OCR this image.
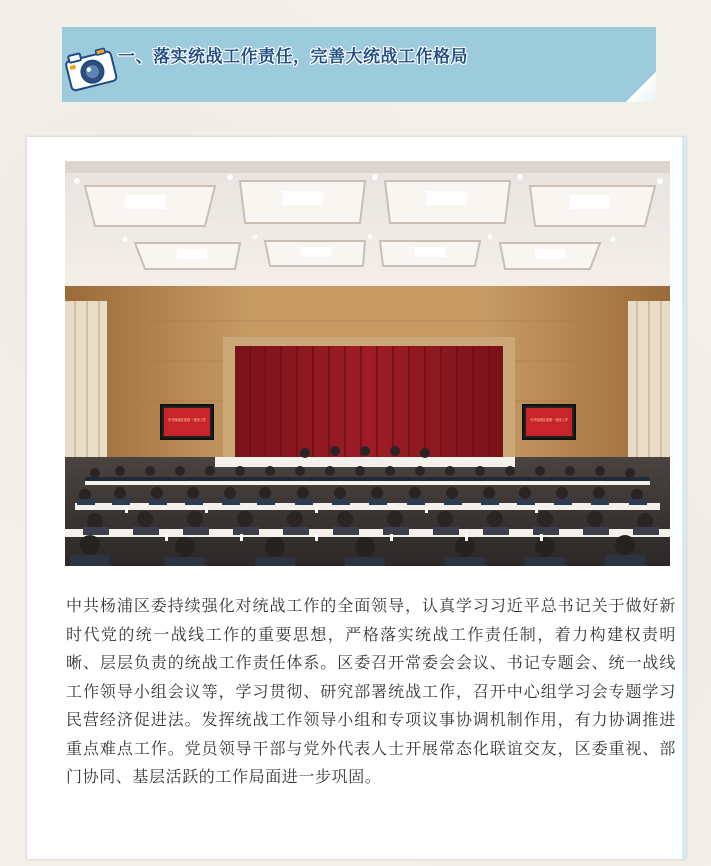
一、落实统战工作责任，完善大统战工作格局
中共杨浦区委统一战线工作	中共杨浦区委统一战线工作

中共杨浦区委持续强化对统战工作的全面领导，认真学习习近平总书记关于做好新时代党的统一战线工作的重要思想，严格落实统战工作责任制，着力构建权责明晰、层层负责的统战工作责任体系。区委召开常委会会议、书记专题会、统一战线工作领导小组会议等，学习贯彻、研究部署统战工作，召开中心组学习会专题学习民营经济促进法。发挥统战工作领导小组和专项议事协调机制作用，有力协调推进重点难点工作。党员领导干部与党外代表人士开展常态化联谊交友，区委重视、部门协同、基层活跃的工作局面进一步巩固。
